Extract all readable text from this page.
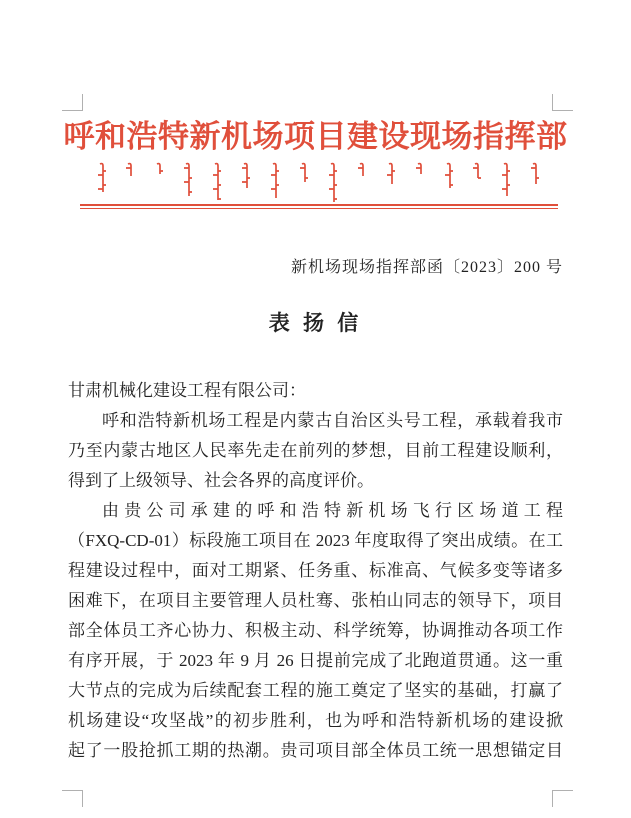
呼和浩特新机场项目建设现场指挥部
新机场现场指挥部函〔2023〕200 号
表 扬 信
甘肃机械化建设工程有限公司：
呼和浩特新机场工程是内蒙古自治区头号工程，承载着我市
乃至内蒙古地区人民率先走在前列的梦想，目前工程建设顺利，
得到了上级领导、社会各界的高度评价。
由贵公司承建的呼和浩特新机场飞行区场道工程
（FXQ-CD-01）标段施工项目在 2023 年度取得了突出成绩。在工
程建设过程中，面对工期紧、任务重、标准高、气候多变等诸多
困难下，在项目主要管理人员杜骞、张柏山同志的领导下，项目
部全体员工齐心协力、积极主动、科学统筹，协调推动各项工作
有序开展，于 2023 年 9 月 26 日提前完成了北跑道贯通。这一重
大节点的完成为后续配套工程的施工奠定了坚实的基础，打赢了
机场建设“攻坚战”的初步胜利，也为呼和浩特新机场的建设掀
起了一股抢抓工期的热潮。贵司项目部全体员工统一思想锚定目
